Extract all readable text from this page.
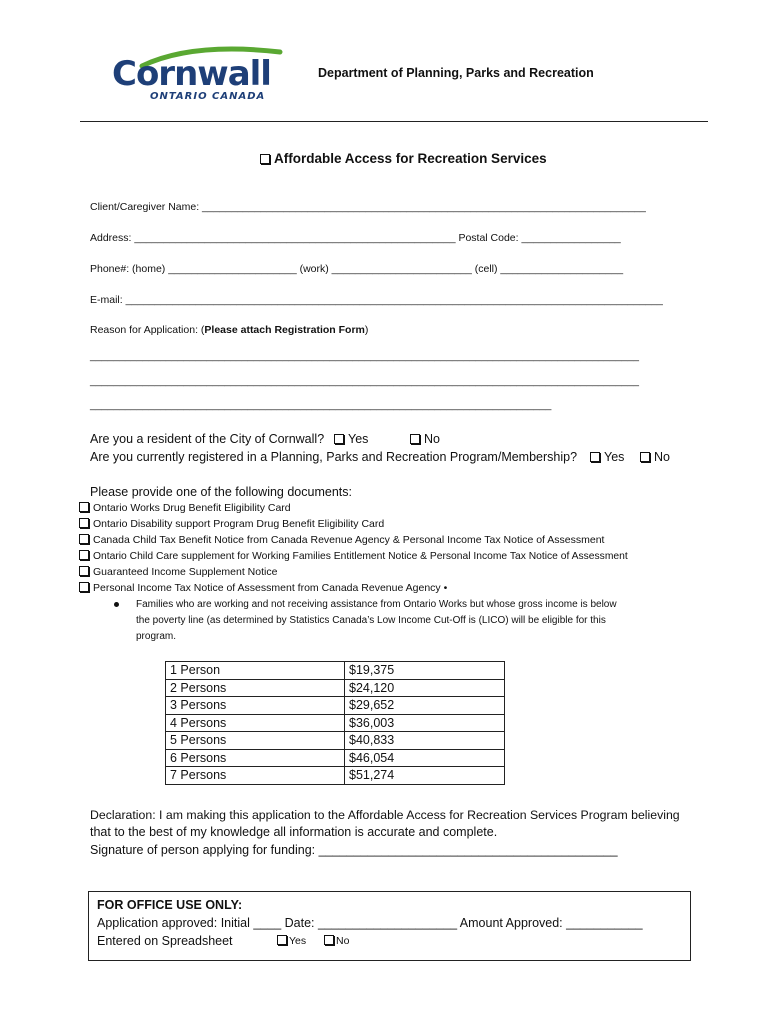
Cornwall
ONTARIO CANADA
Department of Planning, Parks and Recreation
Affordable Access for Recreation Services
Client/Caregiver Name: ____________________________________________________________________________
Address: _______________________________________________________ Postal Code: _________________
Phone#: (home) ______________________ (work) ________________________ (cell) _____________________
E-mail: ____________________________________________________________________________________________
Reason for Application: (Please attach Registration Form)
______________________________________________________________________________________________
______________________________________________________________________________________________
_______________________________________________________________________________
Are you a resident of the City of Cornwall?	Yes	No
Are you currently registered in a Planning, Parks and Recreation Program/Membership?	Yes	No
Please provide one of the following documents:
Ontario Works Drug Benefit Eligibility Card
Ontario Disability support Program Drug Benefit Eligibility Card
Canada Child Tax Benefit Notice from Canada Revenue Agency & Personal Income Tax Notice of Assessment
Ontario Child Care supplement for Working Families Entitlement Notice & Personal Income Tax Notice of Assessment
Guaranteed Income Supplement Notice
Personal Income Tax Notice of Assessment from Canada Revenue Agency •
Families who are working and not receiving assistance from Ontario Works but whose gross income is below
the poverty line (as determined by Statistics Canada’s Low Income Cut-Off is (LICO) will be eligible for this
program.
1 Person	$19,375
2 Persons	$24,120
3 Persons	$29,652
4 Persons	$36,003
5 Persons	$40,833
6 Persons	$46,054
7 Persons	$51,274
Declaration: I am making this application to the Affordable Access for Recreation Services Program believing
that to the best of my knowledge all information is accurate and complete.
Signature of person applying for funding: ___________________________________________
FOR OFFICE USE ONLY:
Application approved: Initial ____ Date: ____________________ Amount Approved: ___________
Entered on Spreadsheet	Yes	No
